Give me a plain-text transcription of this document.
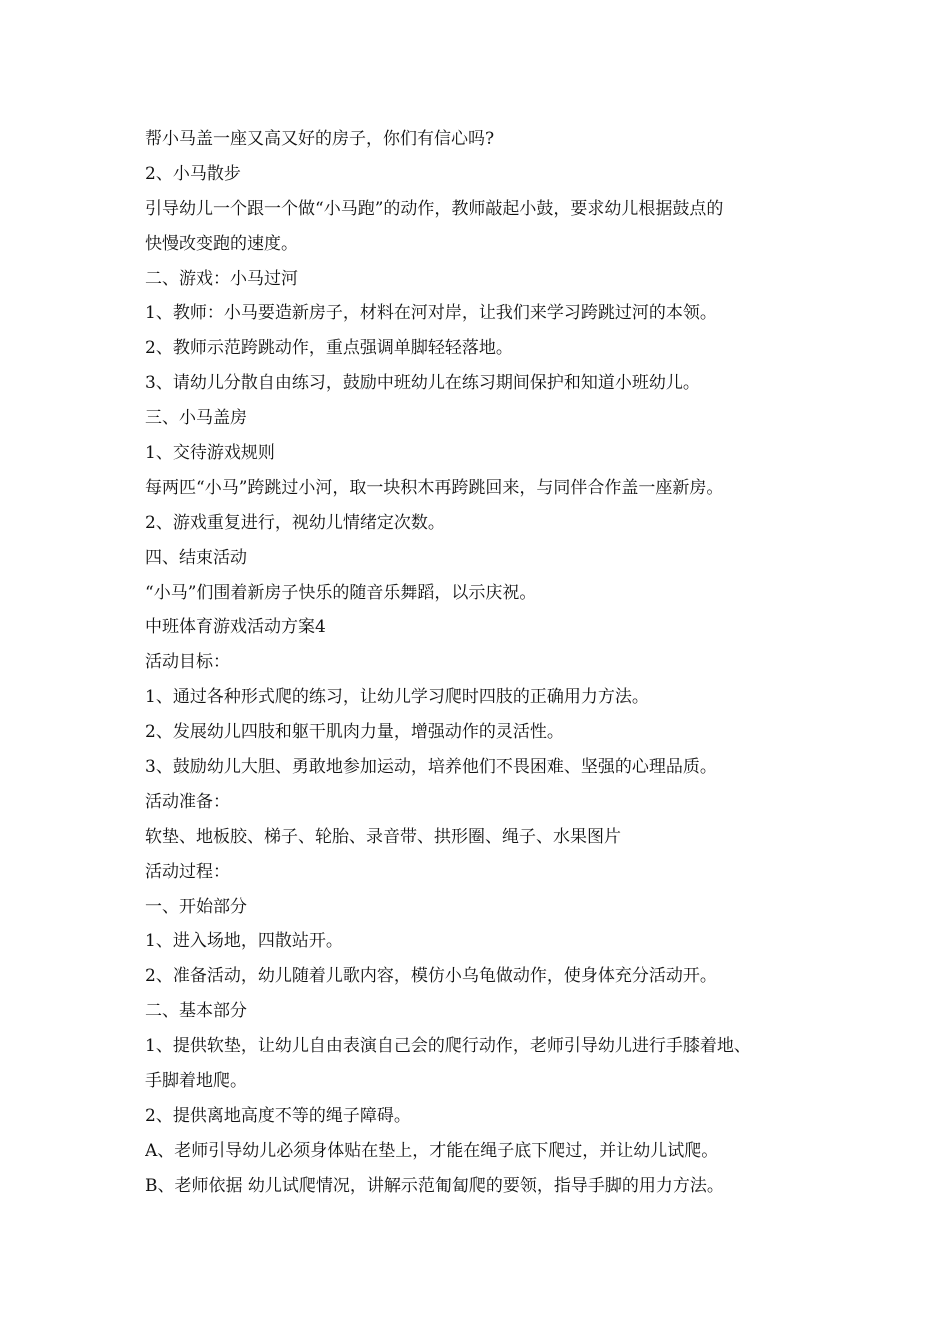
帮小马盖一座又高又好的房子，你们有信心吗?
2、小马散步
引导幼儿一个跟一个做“小马跑”的动作，教师敲起小鼓，要求幼儿根据鼓点的
快慢改变跑的速度。
二、游戏：小马过河
1、教师：小马要造新房子，材料在河对岸，让我们来学习跨跳过河的本领。
2、教师示范跨跳动作，重点强调单脚轻轻落地。
3、请幼儿分散自由练习，鼓励中班幼儿在练习期间保护和知道小班幼儿。
三、小马盖房
1、交待游戏规则
每两匹“小马”跨跳过小河，取一块积木再跨跳回来，与同伴合作盖一座新房。
2、游戏重复进行，视幼儿情绪定次数。
四、结束活动
“小马”们围着新房子快乐的随音乐舞蹈，以示庆祝。
中班体育游戏活动方案4
活动目标：
1、通过各种形式爬的练习，让幼儿学习爬时四肢的正确用力方法。
2、发展幼儿四肢和躯干肌肉力量，增强动作的灵活性。
3、鼓励幼儿大胆、勇敢地参加运动，培养他们不畏困难、坚强的心理品质。
活动准备：
软垫、地板胶、梯子、轮胎、录音带、拱形圈、绳子、水果图片
活动过程：
一、开始部分
1、进入场地，四散站开。
2、准备活动，幼儿随着儿歌内容，模仿小乌龟做动作，使身体充分活动开。
二、基本部分
1、提供软垫，让幼儿自由表演自己会的爬行动作，老师引导幼儿进行手膝着地、
手脚着地爬。
2、提供离地高度不等的绳子障碍。
A、老师引导幼儿必须身体贴在垫上，才能在绳子底下爬过，并让幼儿试爬。
B、老师依据 幼儿试爬情况，讲解示范匍匐爬的要领，指导手脚的用力方法。
